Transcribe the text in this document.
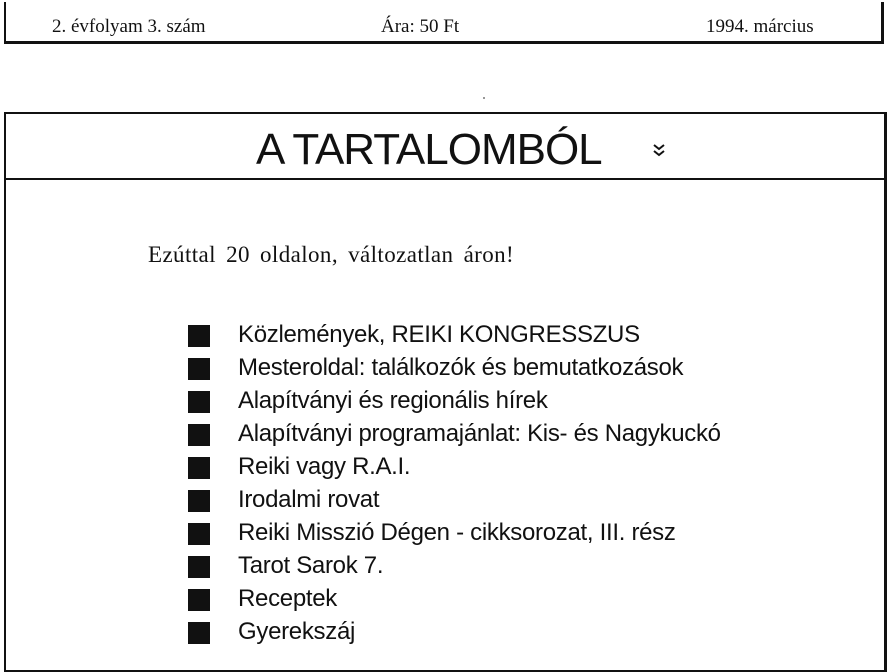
2. évfolyam 3. szám	Ára: 50 Ft	1994. március
A TARTALOMBÓL

Ezúttal 20 oldalon, változatlan áron!

Közlemények, REIKI KONGRESSZUS
Mesteroldal: találkozók és bemutatkozások
Alapítványi és regionális hírek
Alapítványi programajánlat: Kis- és Nagykuckó
Reiki vagy R.A.I.
Irodalmi rovat
Reiki Misszió Dégen - cikksorozat, III. rész
Tarot Sarok 7.
Receptek
Gyerekszáj
